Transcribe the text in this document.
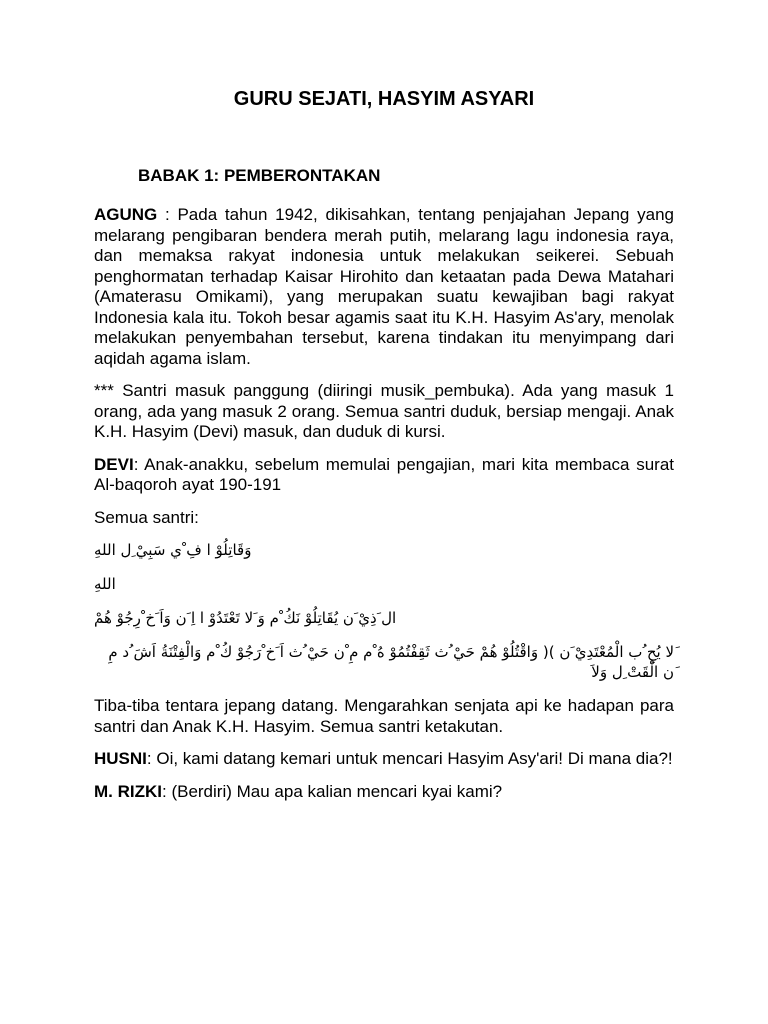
GURU SEJATI, HASYIM ASYARI
BABAK 1: PEMBERONTAKAN

AGUNG : Pada tahun 1942, dikisahkan, tentang penjajahan Jepang yang melarang pengibaran bendera merah putih, melarang lagu indonesia raya, dan memaksa rakyat indonesia untuk melakukan seikerei. Sebuah penghormatan terhadap Kaisar Hirohito dan ketaatan pada Dewa Matahari (Amaterasu Omikami), yang merupakan suatu kewajiban bagi rakyat Indonesia kala itu. Tokoh besar agamis saat itu K.H. Hasyim As'ary, menolak melakukan penyembahan tersebut, karena tindakan itu menyimpang dari aqidah agama islam.

*** Santri masuk panggung (diiringi musik_pembuka). Ada yang masuk 1 orang, ada yang masuk 2 orang. Semua santri duduk, bersiap mengaji. Anak K.H. Hasyim (Devi) masuk, dan duduk di kursi.

DEVI: Anak-anakku, sebelum memulai pengajian, mari kita membaca surat Al-baqoroh ayat 190-191

Semua santri:

وَقَاتِلُوْ ا فِ ْي سَبِيْ ِل اللهِ

اللهِ

ال َذِيْ َن يُقَاتِلُوْ نَكُ ْم وَ َلا تَعْتَدُوْ ا اِ َن وَاَ َخ ْرِجُوْ هُمْ

َلا يُحِ ُب الْمُعْتَدِيْ َن )( وَاقْتُلُوْ هُمْ حَيْ ُث ثَقِفْتُمُوْ هُ ْم مِ ْن حَيْ ُث اَ َخ ْرَجُوْ كُ ْم وَالْفِتْنَةُ اَشَ ُد مِ َن الْقَتْ ِل وَلاَ

Tiba-tiba tentara jepang datang. Mengarahkan senjata api ke hadapan para santri dan Anak K.H. Hasyim. Semua santri ketakutan.

HUSNI: Oi, kami datang kemari untuk mencari Hasyim Asy'ari! Di mana dia?!

M. RIZKI: (Berdiri) Mau apa kalian mencari kyai kami?
